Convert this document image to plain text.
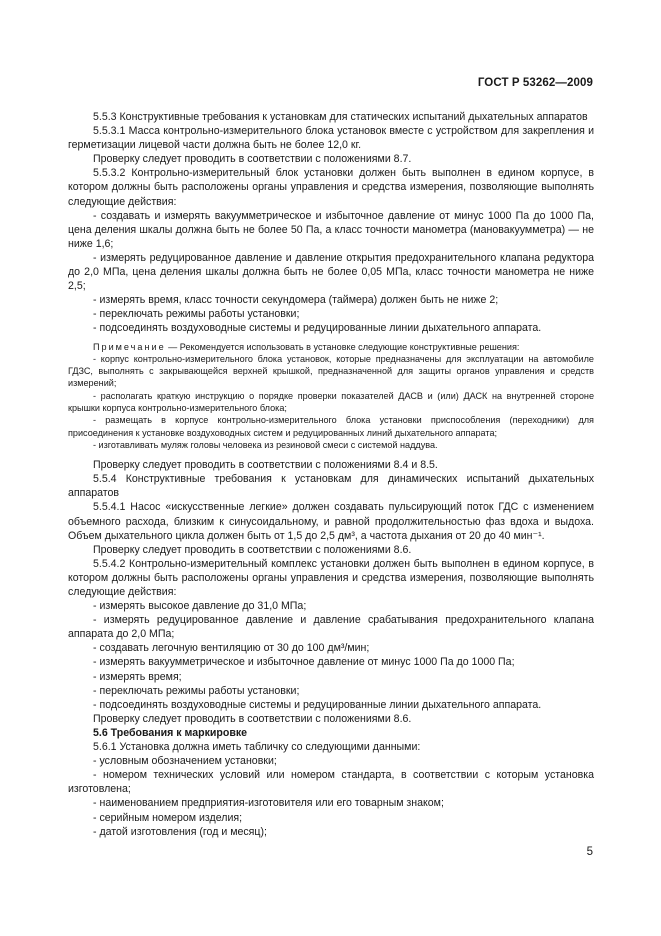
ГОСТ Р 53262—2009

5.5.3 Конструктивные требования к установкам для статических испытаний дыхательных аппаратов

5.5.3.1 Масса контрольно-измерительного блока установок вместе с устройством для закрепления и герметизации лицевой части должна быть не более 12,0 кг.

Проверку следует проводить в соответствии с положениями 8.7.

5.5.3.2 Контрольно-измерительный блок установки должен быть выполнен в едином корпусе, в котором должны быть расположены органы управления и средства измерения, позволяющие выполнять следующие действия:

- создавать и измерять вакуумметрическое и избыточное давление от минус 1000 Па до 1000 Па, цена деления шкалы должна быть не более 50 Па, а класс точности манометра (мановакуумметра) — не ниже 1,6;

- измерять редуцированное давление и давление открытия предохранительного клапана редуктора до 2,0 МПа, цена деления шкалы должна быть не более 0,05 МПа, класс точности манометра не ниже 2,5;

- измерять время, класс точности секундомера (таймера) должен быть не ниже 2;

- переключать режимы работы установки;

- подсоединять воздуховодные системы и редуцированные линии дыхательного аппарата.

Примечание — Рекомендуется использовать в установке следующие конструктивные решения:

- корпус контрольно-измерительного блока установок, которые предназначены для эксплуатации на автомобиле ГДЗС, выполнять с закрывающейся верхней крышкой, предназначенной для защиты органов управления и средств измерений;

- располагать краткую инструкцию о порядке проверки показателей ДАСВ и (или) ДАСК на внутренней стороне крышки корпуса контрольно-измерительного блока;

- размещать в корпусе контрольно-измерительного блока установки приспособления (переходники) для присоединения к установке воздуховодных систем и редуцированных линий дыхательного аппарата;

- изготавливать муляж головы человека из резиновой смеси с системой наддува.

Проверку следует проводить в соответствии с положениями 8.4 и 8.5.

5.5.4 Конструктивные требования к установкам для динамических испытаний дыхательных аппаратов

5.5.4.1 Насос «искусственные легкие» должен создавать пульсирующий поток ГДС с изменением объемного расхода, близким к синусоидальному, и равной продолжительностью фаз вдоха и выдоха. Объем дыхательного цикла должен быть от 1,5 до 2,5 дм³, а частота дыхания от 20 до 40 мин⁻¹.

Проверку следует проводить в соответствии с положениями 8.6.

5.5.4.2 Контрольно-измерительный комплекс установки должен быть выполнен в едином корпусе, в котором должны быть расположены органы управления и средства измерения, позволяющие выполнять следующие действия:

- измерять высокое давление до 31,0 МПа;

- измерять редуцированное давление и давление срабатывания предохранительного клапана аппарата до 2,0 МПа;

- создавать легочную вентиляцию от 30 до 100 дм³/мин;

- измерять вакуумметрическое и избыточное давление от минус 1000 Па до 1000 Па;

- измерять время;

- переключать режимы работы установки;

- подсоединять воздуховодные системы и редуцированные линии дыхательного аппарата.

Проверку следует проводить в соответствии с положениями 8.6.

5.6 Требования к маркировке

5.6.1 Установка должна иметь табличку со следующими данными:

- условным обозначением установки;

- номером технических условий или номером стандарта, в соответствии с которым установка изготовлена;

- наименованием предприятия-изготовителя или его товарным знаком;

- серийным номером изделия;

- датой изготовления (год и месяц);

5
